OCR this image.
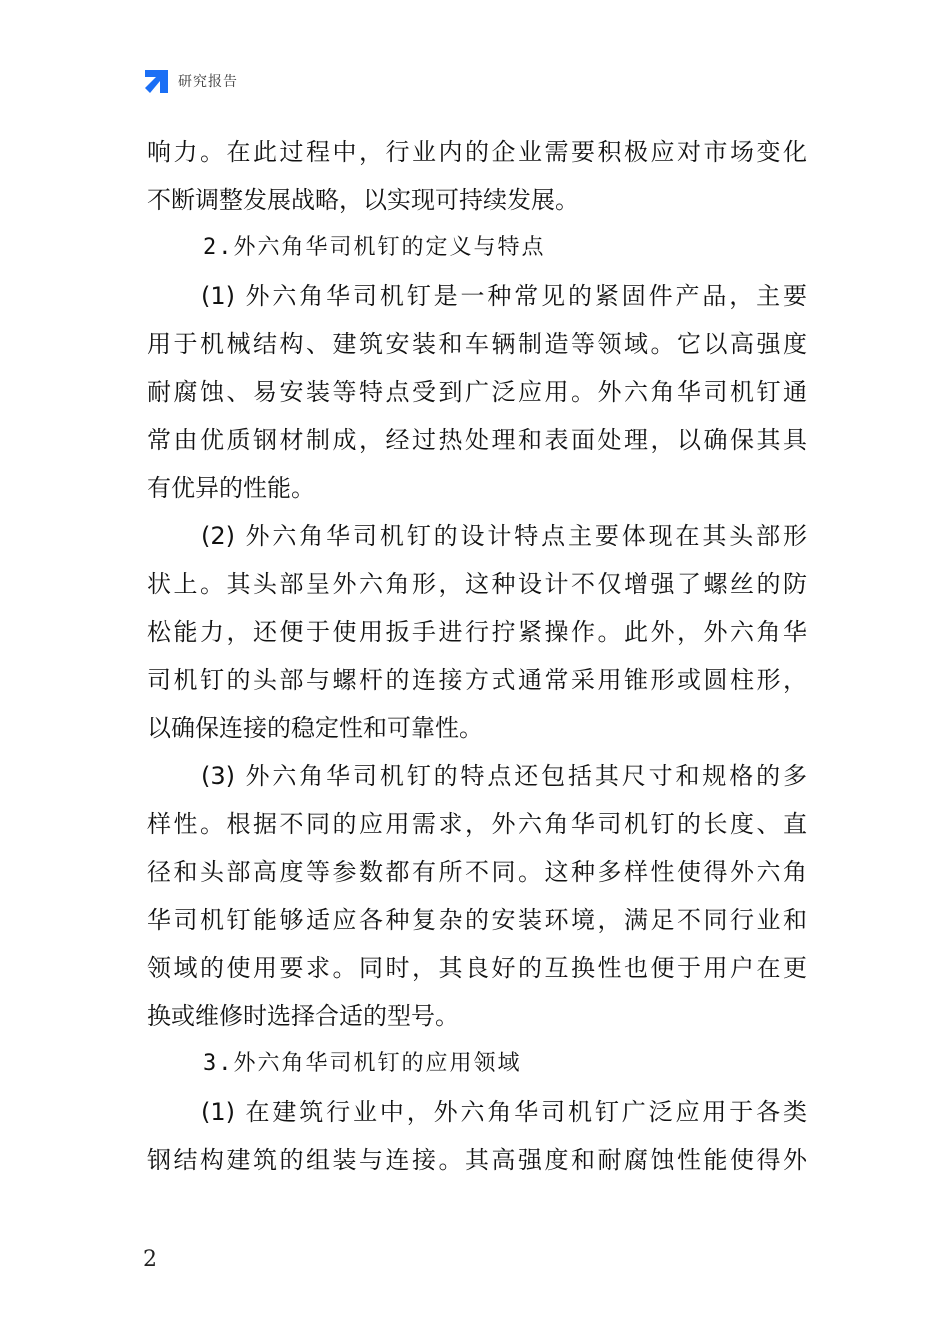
研究报告
响力。在此过程中，行业内的企业需要积极应对市场变化
不断调整发展战略，以实现可持续发展。
2.外六角华司机钉的定义与特点
(1) 外六角华司机钉是一种常见的紧固件产品，主要
用于机械结构、建筑安装和车辆制造等领域。它以高强度
耐腐蚀、易安装等特点受到广泛应用。外六角华司机钉通
常由优质钢材制成，经过热处理和表面处理，以确保其具
有优异的性能。
(2) 外六角华司机钉的设计特点主要体现在其头部形
状上。其头部呈外六角形，这种设计不仅增强了螺丝的防
松能力，还便于使用扳手进行拧紧操作。此外，外六角华
司机钉的头部与螺杆的连接方式通常采用锥形或圆柱形，
以确保连接的稳定性和可靠性。
(3) 外六角华司机钉的特点还包括其尺寸和规格的多
样性。根据不同的应用需求，外六角华司机钉的长度、直
径和头部高度等参数都有所不同。这种多样性使得外六角
华司机钉能够适应各种复杂的安装环境，满足不同行业和
领域的使用要求。同时，其良好的互换性也便于用户在更
换或维修时选择合适的型号。
3.外六角华司机钉的应用领域
(1) 在建筑行业中，外六角华司机钉广泛应用于各类
钢结构建筑的组装与连接。其高强度和耐腐蚀性能使得外
2
